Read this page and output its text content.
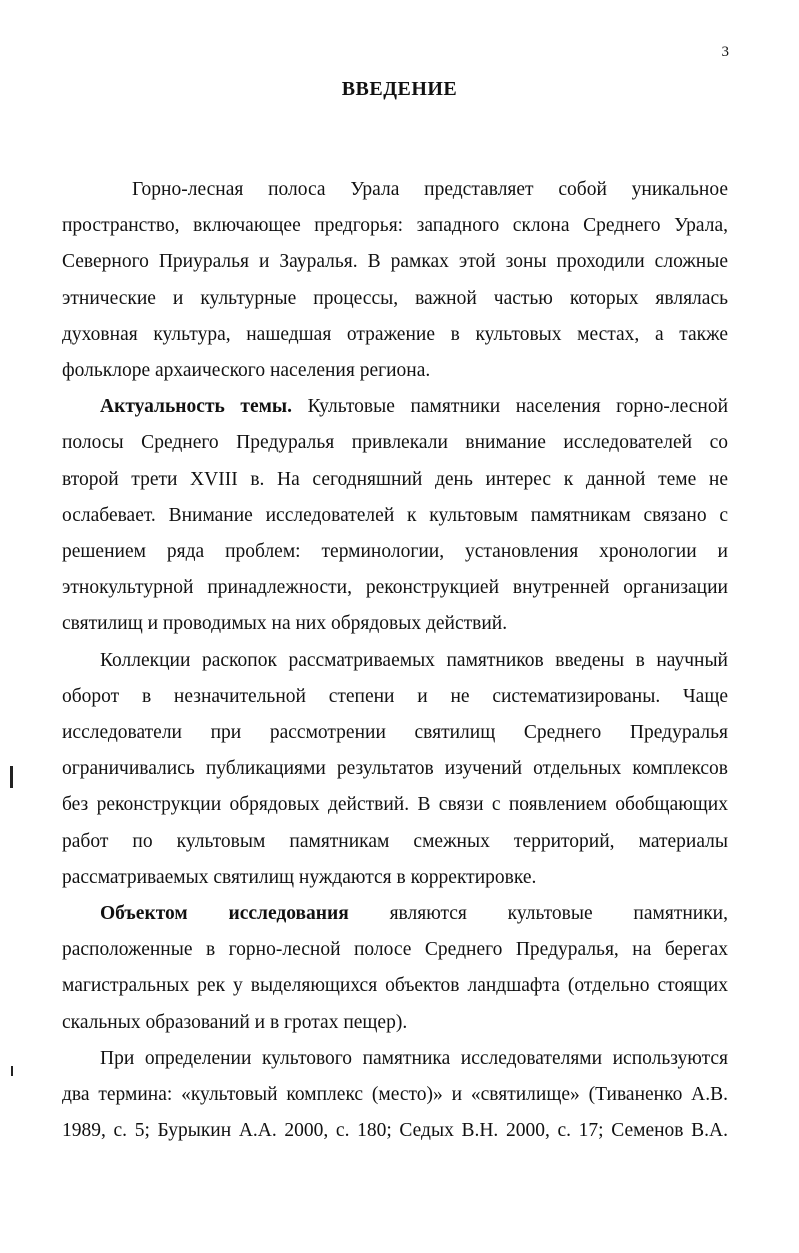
3
ВВЕДЕНИЕ

Горно-лесная полоса Урала представляет собой уникальное
пространство, включающее предгорья: западного склона Среднего Урала,
Северного Приуралья и Зауралья. В рамках этой зоны проходили сложные
этнические и культурные процессы, важной частью которых являлась
духовная культура, нашедшая отражение в культовых местах, а также
фольклоре архаического населения региона.

Актуальность темы. Культовые памятники населения горно-лесной
полосы Среднего Предуралья привлекали внимание исследователей со
второй трети XVIII в. На сегодняшний день интерес к данной теме не
ослабевает. Внимание исследователей к культовым памятникам связано с
решением ряда проблем: терминологии, установления хронологии и
этнокультурной принадлежности, реконструкцией внутренней организации
святилищ и проводимых на них обрядовых действий.

Коллекции раскопок рассматриваемых памятников введены в научный
оборот в незначительной степени и не систематизированы. Чаще
исследователи при рассмотрении святилищ Среднего Предуралья
ограничивались публикациями результатов изучений отдельных комплексов
без реконструкции обрядовых действий. В связи с появлением обобщающих
работ по культовым памятникам смежных территорий, материалы
рассматриваемых святилищ нуждаются в корректировке.

Объектом исследования являются культовые памятники,
расположенные в горно-лесной полосе Среднего Предуралья, на берегах
магистральных рек у выделяющихся объектов ландшафта (отдельно стоящих
скальных образований и в гротах пещер).

При определении культового памятника исследователями используются
два термина: «культовый комплекс (место)» и «святилище» (Тиваненко А.В.
1989, с. 5; Бурыкин А.А. 2000, с. 180; Седых В.Н. 2000, с. 17; Семенов В.А.
